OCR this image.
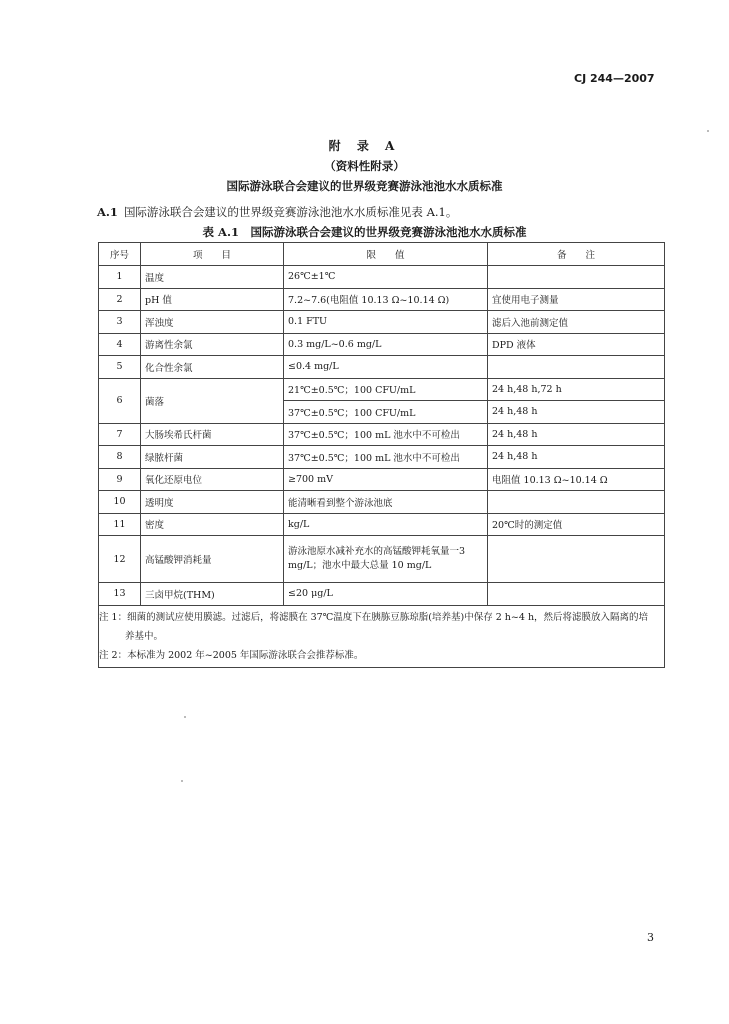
CJ 244—2007
附 录 A
（资料性附录）
国际游泳联合会建议的世界级竞赛游泳池池水水质标准
A.1 国际游泳联合会建议的世界级竞赛游泳池池水水质标准见表 A.1。
表 A.1　国际游泳联合会建议的世界级竞赛游泳池池水水质标准
序号	项　　目	限　　值	备　　注
1	温度	26℃±1℃	
2	pH 值	7.2~7.6(电阻值 10.13 Ω~10.14 Ω)	宜使用电子测量
3	浑浊度	0.1 FTU	滤后入池前测定值
4	游离性余氯	0.3 mg/L~0.6 mg/L	DPD 液体
5	化合性余氯	≤0.4 mg/L	
6	菌落	21℃±0.5℃；100 CFU/mL	24 h,48 h,72 h
		37℃±0.5℃；100 CFU/mL	24 h,48 h
7	大肠埃希氏杆菌	37℃±0.5℃；100 mL 池水中不可检出	24 h,48 h
8	绿脓杆菌	37℃±0.5℃；100 mL 池水中不可检出	24 h,48 h
9	氧化还原电位	≥700 mV	电阻值 10.13 Ω~10.14 Ω
10	透明度	能清晰看到整个游泳池底	
11	密度	kg/L	20℃时的测定值
12	高锰酸钾消耗量	游泳池原水减补充水的高锰酸钾耗氧量一3 mg/L；池水中最大总量 10 mg/L	
13	三卤甲烷(THM)	≤20 μg/L	

注 1：细菌的测试应使用膜滤。过滤后，将滤膜在 37℃温度下在胰胨豆胨琼脂(培养基)中保存 2 h~4 h，然后将滤膜放入隔离的培养基中。
注 2：本标准为 2002 年~2005 年国际游泳联合会推荐标准。			
3
